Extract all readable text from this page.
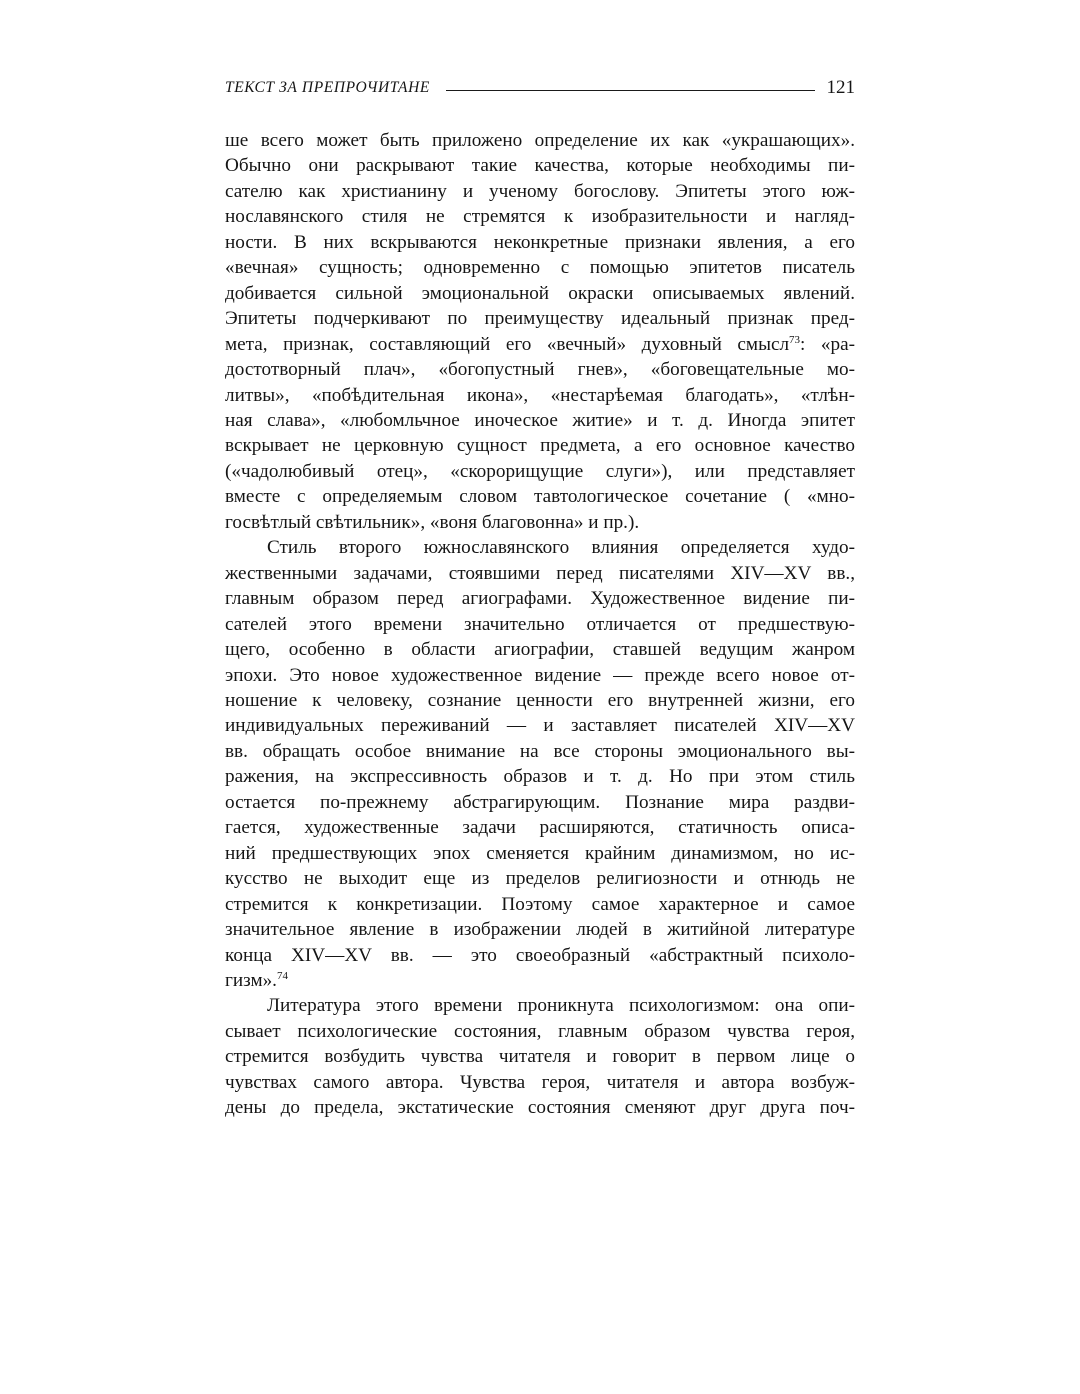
ТЕКСТ ЗА ПРЕПРОЧИТАНЕ	121

ше всего может быть приложено определение их как «украшающих».
Обычно они раскрывают такие качества, которые необходимы пи-
сателю как христианину и ученому богослову. Эпитеты этого юж-
нославянского стиля не стремятся к изобразительности и нагляд-
ности. В них вскрываются неконкретные признаки явления, а его
«вечная» сущность; одновременно с помощью эпитетов писатель
добивается сильной эмоциональной окраски описываемых явлений.
Эпитеты подчеркивают по преимуществу идеальный признак пред-
мета, признак, составляющий его «вечный» духовный смысл$^{73}$: «ра-
достотворный плач», «богопустный гнев», «боговещательные мо-
литвы», «побѣдительная икона», «нестарѣемая благодать», «тлѣн-
ная слава», «любомльчное иноческое житие» и т. д. Иногда эпитет
вскрывает не церковную сущност предмета, а его основное качество
(«чадолюбивый отец», «скорорищущие слуги»), или представляет
вместе с определяемым словом тавтологическое сочетание ( «мно-
госвѣтлый свѣтильник», «воня благовонна» и пр.).

Стиль второго южнославянского влияния определяется худо-
жественными задачами, стоявшими перед писателями XIV—XV вв.,
главным образом перед агиографами. Художественное видение пи-
сателей этого времени значительно отличается от предшествую-
щего, особенно в области агиографии, ставшей ведущим жанром
эпохи. Это новое художественное видение — прежде всего новое от-
ношение к человеку, сознание ценности его внутренней жизни, его
индивидуальных переживаний — и заставляет писателей XIV—XV
вв. обращать особое внимание на все стороны эмоционального вы-
ражения, на экспрессивность образов и т. д. Но при этом стиль
остается по-прежнему абстрагирующим. Познание мира раздви-
гается, художественные задачи расширяются, статичность описа-
ний предшествующих эпох сменяется крайним динамизмом, но ис-
кусство не выходит еще из пределов религиозности и отнюдь не
стремится к конкретизации. Поэтому самое характерное и самое
значительное явление в изображении людей в житийной литературе
конца XIV—XV вв. — это своеобразный «абстрактный психоло-
гизм».$^{74}$

Литература этого времени проникнута психологизмом: она опи-
сывает психологические состояния, главным образом чувства героя,
стремится возбудить чувства читателя и говорит в первом лице о
чувствах самого автора. Чувства героя, читателя и автора возбуж-
дены до предела, экстатические состояния сменяют друг друга поч-
